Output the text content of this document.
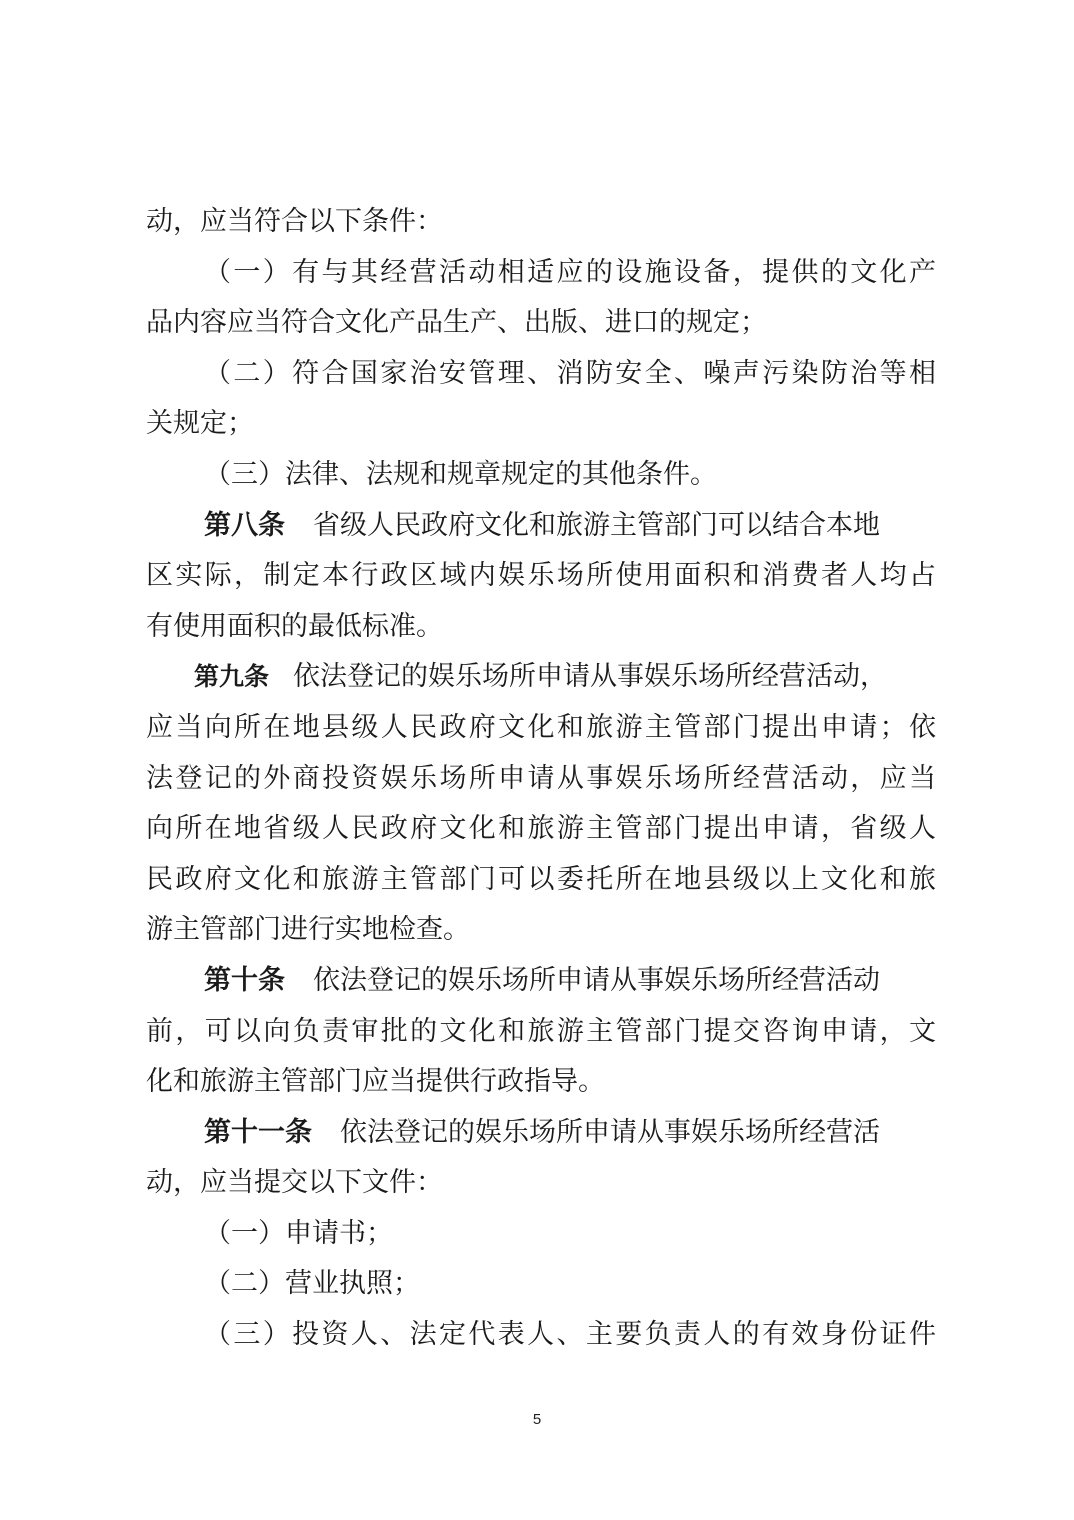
动，应当符合以下条件：
（一）有与其经营活动相适应的设施设备，提供的文化产
品内容应当符合文化产品生产、出版、进口的规定；
（二）符合国家治安管理、消防安全、噪声污染防治等相
关规定；
（三）法律、法规和规章规定的其他条件。
第八条 省级人民政府文化和旅游主管部门可以结合本地
区实际，制定本行政区域内娱乐场所使用面积和消费者人均占
有使用面积的最低标准。
第九条 依法登记的娱乐场所申请从事娱乐场所经营活动，
应当向所在地县级人民政府文化和旅游主管部门提出申请；依
法登记的外商投资娱乐场所申请从事娱乐场所经营活动，应当
向所在地省级人民政府文化和旅游主管部门提出申请，省级人
民政府文化和旅游主管部门可以委托所在地县级以上文化和旅
游主管部门进行实地检查。
第十条 依法登记的娱乐场所申请从事娱乐场所经营活动
前，可以向负责审批的文化和旅游主管部门提交咨询申请，文
化和旅游主管部门应当提供行政指导。
第十一条 依法登记的娱乐场所申请从事娱乐场所经营活
动，应当提交以下文件：
（一）申请书；
（二）营业执照；
（三）投资人、法定代表人、主要负责人的有效身份证件
5
